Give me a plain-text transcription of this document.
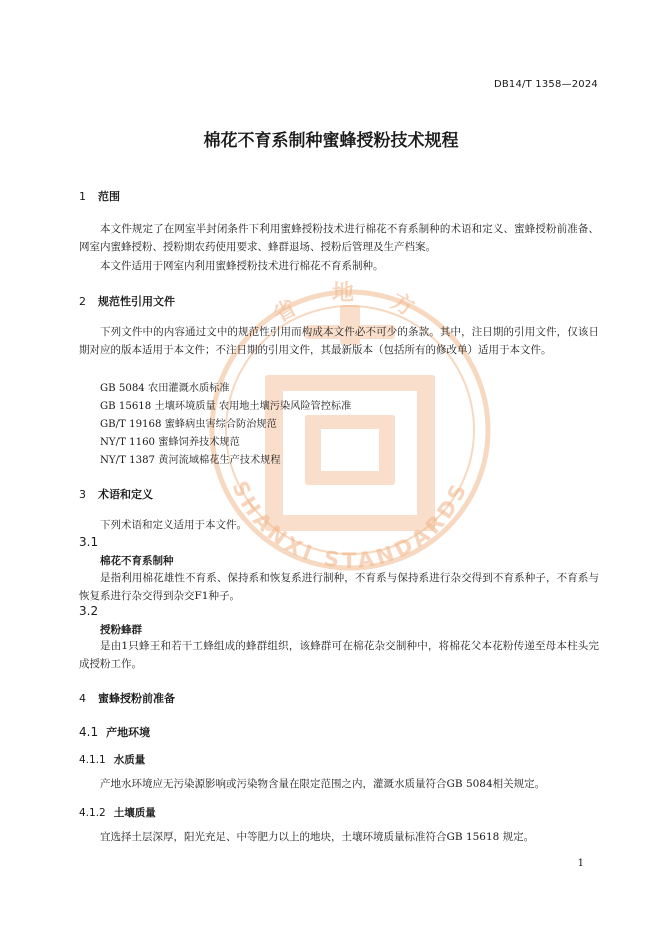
省 地 方
SHANXI STANDARDS
DB14/T 1358—2024
棉花不育系制种蜜蜂授粉技术规程
1 范围
本文件规定了在网室半封闭条件下利用蜜蜂授粉技术进行棉花不育系制种的术语和定义、蜜蜂授粉前准备、网室内蜜蜂授粉、授粉期农药使用要求、蜂群退场、授粉后管理及生产档案。
本文件适用于网室内利用蜜蜂授粉技术进行棉花不育系制种。
2 规范性引用文件
下列文件中的内容通过文中的规范性引用而构成本文件必不可少的条款。其中，注日期的引用文件，仅该日期对应的版本适用于本文件；不注日期的引用文件，其最新版本（包括所有的修改单）适用于本文件。
GB 5084 农田灌溉水质标准
GB 15618 土壤环境质量 农用地土壤污染风险管控标准
GB/T 19168 蜜蜂病虫害综合防治规范
NY/T 1160 蜜蜂饲养技术规范
NY/T 1387 黄河流域棉花生产技术规程
3 术语和定义
下列术语和定义适用于本文件。
3.1
棉花不育系制种
是指利用棉花雄性不育系、保持系和恢复系进行制种，不育系与保持系进行杂交得到不育系种子，不育系与恢复系进行杂交得到杂交F1种子。
3.2
授粉蜂群
是由1只蜂王和若干工蜂组成的蜂群组织，该蜂群可在棉花杂交制种中，将棉花父本花粉传递至母本柱头完成授粉工作。
4 蜜蜂授粉前准备
4.1 产地环境
4.1.1 水质量
产地水环境应无污染源影响或污染物含量在限定范围之内，灌溉水质量符合GB 5084相关规定。
4.1.2 土壤质量
宜选择土层深厚，阳光充足、中等肥力以上的地块，土壤环境质量标准符合GB 15618 规定。
1
